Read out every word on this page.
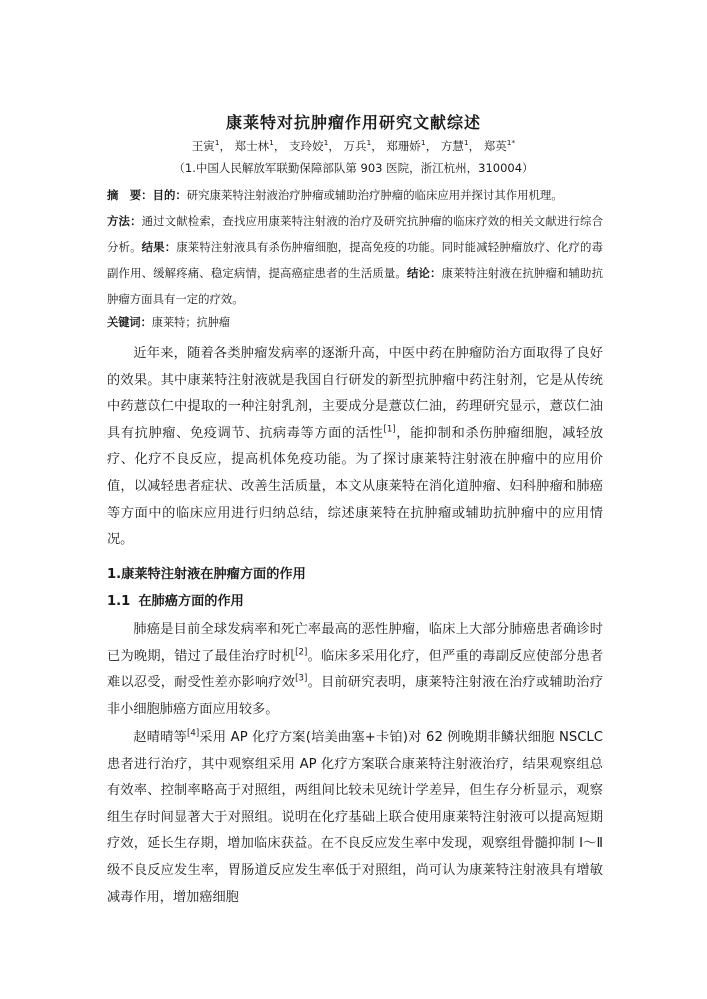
康莱特对抗肿瘤作用研究文献综述
王寅$^1$， 郑士林$^1$， 支玲姣$^1$， 万兵$^1$， 郑珊娇$^1$， 方慧$^1$， 郑英$^{1*}$
（1.中国人民解放军联勤保障部队第 903 医院，浙江杭州，310004）

摘　要：目的：研究康莱特注射液治疗肿瘤或辅助治疗肿瘤的临床应用并探讨其作用机理。
方法：通过文献检索，查找应用康莱特注射液的治疗及研究抗肿瘤的临床疗效的相关文献进行综合分析。结果：康莱特注射液具有杀伤肿瘤细胞，提高免疫的功能。同时能减轻肿瘤放疗、化疗的毒副作用、缓解疼痛、稳定病情，提高癌症患者的生活质量。结论：康莱特注射液在抗肿瘤和辅助抗肿瘤方面具有一定的疗效。

关键词：康莱特；抗肿瘤

近年来，随着各类肿瘤发病率的逐渐升高，中医中药在肿瘤防治方面取得了良好的效果。其中康莱特注射液就是我国自行研发的新型抗肿瘤中药注射剂，它是从传统中药薏苡仁中提取的一种注射乳剂，主要成分是薏苡仁油，药理研究显示，薏苡仁油具有抗肿瘤、免疫调节、抗病毒等方面的活性[1]，能抑制和杀伤肿瘤细胞，减轻放疗、化疗不良反应，提高机体免疫功能。为了探讨康莱特注射液在肿瘤中的应用价值，以减轻患者症状、改善生活质量，本文从康莱特在消化道肿瘤、妇科肿瘤和肺癌等方面中的临床应用进行归纳总结，综述康莱特在抗肿瘤或辅助抗肿瘤中的应用情况。

1.康莱特注射液在肿瘤方面的作用
1.1 在肺癌方面的作用

肺癌是目前全球发病率和死亡率最高的恶性肿瘤，临床上大部分肺癌患者确诊时已为晚期，错过了最佳治疗时机[2]。临床多采用化疗，但严重的毒副反应使部分患者难以忍受，耐受性差亦影响疗效[3]。目前研究表明，康莱特注射液在治疗或辅助治疗非小细胞肺癌方面应用较多。

赵晴晴等[4]采用 AP 化疗方案(培美曲塞+卡铂)对 62 例晚期非鳞状细胞 NSCLC 患者进行治疗，其中观察组采用 AP 化疗方案联合康莱特注射液治疗，结果观察组总有效率、控制率略高于对照组，两组间比较未见统计学差异，但生存分析显示，观察组生存时间显著大于对照组。说明在化疗基础上联合使用康莱特注射液可以提高短期疗效，延长生存期，增加临床获益。在不良反应发生率中发现，观察组骨髓抑制 Ⅰ～Ⅱ级不良反应发生率，胃肠道反应发生率低于对照组，尚可认为康莱特注射液具有增敏减毒作用，增加癌细胞
